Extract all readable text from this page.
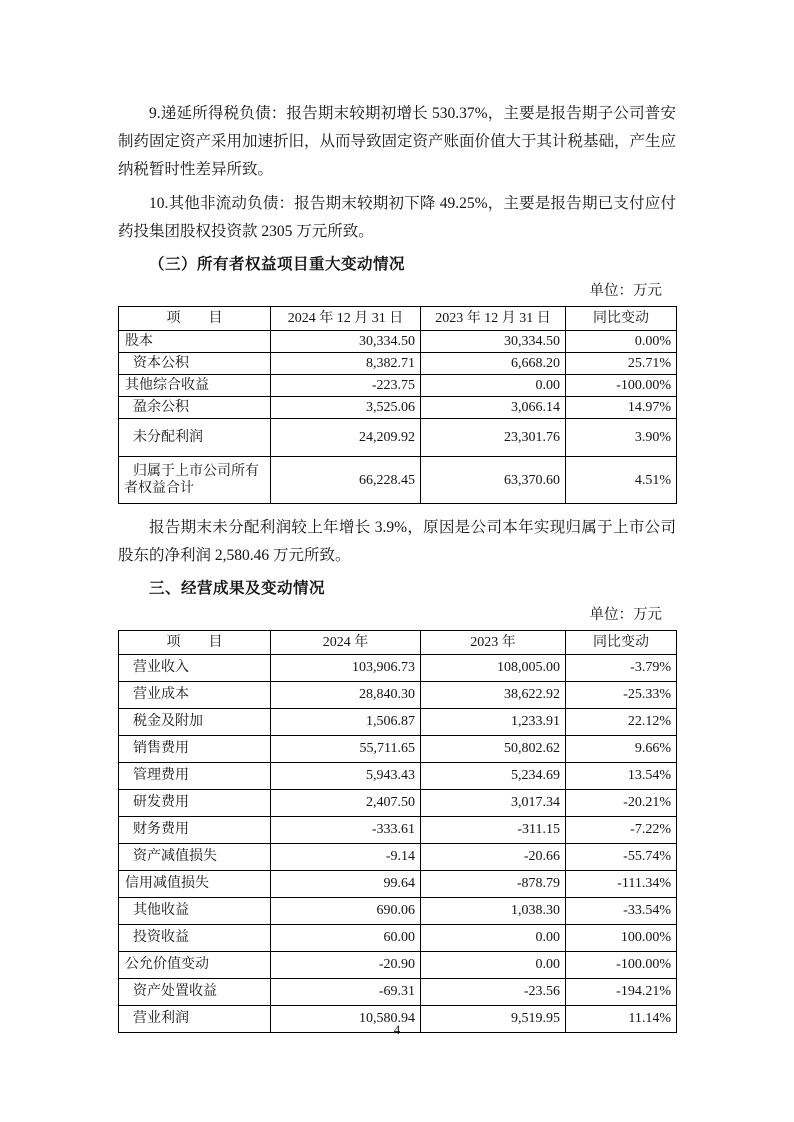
9.递延所得税负债：报告期末较期初增长 530.37%，主要是报告期子公司普安制药固定资产采用加速折旧，从而导致固定资产账面价值大于其计税基础，产生应纳税暂时性差异所致。

10.其他非流动负债：报告期末较期初下降 49.25%，主要是报告期已支付应付药投集团股权投资款 2305 万元所致。

（三）所有者权益项目重大变动情况
单位：万元
项　　目	2024 年 12 月 31 日	2023 年 12 月 31 日	同比变动
股本	30,334.50	30,334.50	0.00%
资本公积	8,382.71	6,668.20	25.71%
其他综合收益	-223.75	0.00	-100.00%
盈余公积	3,525.06	3,066.14	14.97%
未分配利润	24,209.92	23,301.76	3.90%
归属于上市公司所有者权益合计	66,228.45	63,370.60	4.51%

报告期末未分配利润较上年增长 3.9%，原因是公司本年实现归属于上市公司股东的净利润 2,580.46 万元所致。

三、经营成果及变动情况
单位：万元
项　　目	2024 年	2023 年	同比变动
营业收入	103,906.73	108,005.00	-3.79%
营业成本	28,840.30	38,622.92	-25.33%
税金及附加	1,506.87	1,233.91	22.12%
销售费用	55,711.65	50,802.62	9.66%
管理费用	5,943.43	5,234.69	13.54%
研发费用	2,407.50	3,017.34	-20.21%
财务费用	-333.61	-311.15	-7.22%
资产减值损失	-9.14	-20.66	-55.74%
信用减值损失	99.64	-878.79	-111.34%
其他收益	690.06	1,038.30	-33.54%
投资收益	60.00	0.00	100.00%
公允价值变动	-20.90	0.00	-100.00%
资产处置收益	-69.31	-23.56	-194.21%
营业利润	10,580.94	9,519.95	11.14%
4
